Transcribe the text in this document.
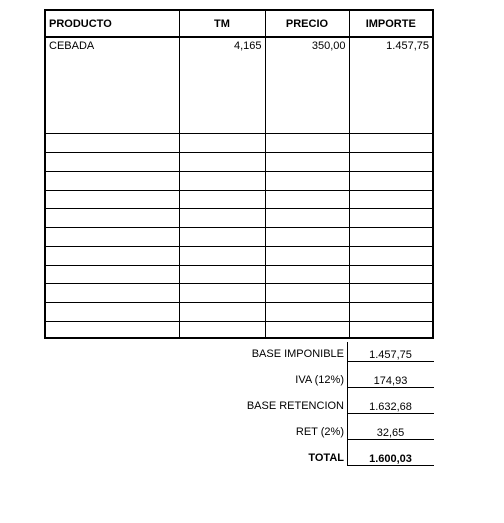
PRODUCTO	TM	PRECIO	IMPORTE
CEBADA	4,165	350,00	1.457,75

BASE IMPONIBLE	1.457,75
IVA (12%)	174,93
BASE RETENCION	1.632,68
RET (2%)	32,65
TOTAL	1.600,03
